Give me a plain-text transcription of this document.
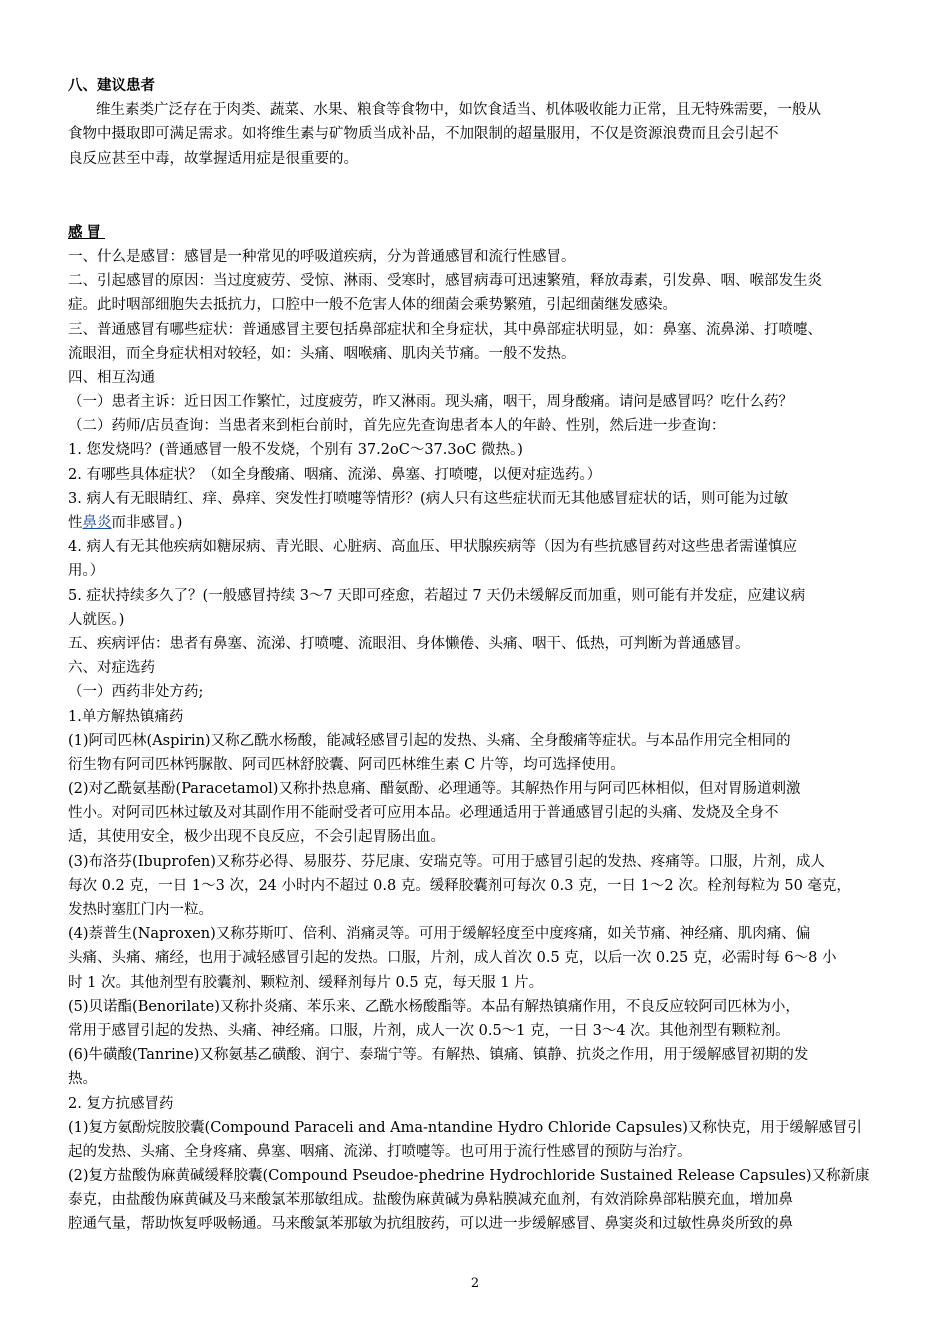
八、建议患者
维生素类广泛存在于肉类、蔬菜、水果、粮食等食物中，如饮食适当、机体吸收能力正常，且无特殊需要，一般从
食物中摄取即可满足需求。如将维生素与矿物质当成补品，不加限制的超量服用，不仅是资源浪费而且会引起不
良反应甚至中毒，故掌握适用症是很重要的。
感冒
一、什么是感冒：感冒是一种常见的呼吸道疾病，分为普通感冒和流行性感冒。
二、引起感冒的原因：当过度疲劳、受惊、淋雨、受寒时，感冒病毒可迅速繁殖，释放毒素，引发鼻、咽、喉部发生炎
症。此时咽部细胞失去抵抗力，口腔中一般不危害人体的细菌会乘势繁殖，引起细菌继发感染。
三、普通感冒有哪些症状：普通感冒主要包括鼻部症状和全身症状，其中鼻部症状明显，如：鼻塞、流鼻涕、打喷嚏、
流眼泪，而全身症状相对较轻，如：头痛、咽喉痛、肌肉关节痛。一般不发热。
四、相互沟通
（一）患者主诉：近日因工作繁忙，过度疲劳，昨又淋雨。现头痛，咽干，周身酸痛。请问是感冒吗？吃什么药？
（二）药师/店员查询：当患者来到柜台前时，首先应先查询患者本人的年龄、性别，然后进一步查询：
1. 您发烧吗？(普通感冒一般不发烧，个别有 37.2oC～37.3oC 微热。)
2. 有哪些具体症状？（如全身酸痛、咽痛、流涕、鼻塞、打喷嚏，以便对症选药。）
3. 病人有无眼睛红、痒、鼻痒、突发性打喷嚏等情形？(病人只有这些症状而无其他感冒症状的话，则可能为过敏
性鼻炎而非感冒。)
4. 病人有无其他疾病如糖尿病、青光眼、心脏病、高血压、甲状腺疾病等（因为有些抗感冒药对这些患者需谨慎应
用。）
5. 症状持续多久了？(一般感冒持续 3～7 天即可痊愈，若超过 7 天仍未缓解反而加重，则可能有并发症，应建议病
人就医。)
五、疾病评估：患者有鼻塞、流涕、打喷嚏、流眼泪、身体懒倦、头痛、咽干、低热，可判断为普通感冒。
六、对症选药
（一）西药非处方药;
1.单方解热镇痛药
(1)阿司匹林(Aspirin)又称乙酰水杨酸，能减轻感冒引起的发热、头痛、全身酸痛等症状。与本品作用完全相同的
衍生物有阿司匹林钙脲散、阿司匹林舒胶囊、阿司匹林维生素 C 片等，均可选择使用。
(2)对乙酰氨基酚(Paracetamol)又称扑热息痛、醋氨酚、必理通等。其解热作用与阿司匹林相似，但对胃肠道刺激
性小。对阿司匹林过敏及对其副作用不能耐受者可应用本品。必理通适用于普通感冒引起的头痛、发烧及全身不
适，其使用安全，极少出现不良反应，不会引起胃肠出血。
(3)布洛芬(Ibuprofen)又称芬必得、易服芬、芬尼康、安瑞克等。可用于感冒引起的发热、疼痛等。口服，片剂，成人
每次 0.2 克，一日 1～3 次，24 小时内不超过 0.8 克。缓释胶囊剂可每次 0.3 克，一日 1～2 次。栓剂每粒为 50 毫克，
发热时塞肛门内一粒。
(4)萘普生(Naproxen)又称芬斯叮、倍利、消痛灵等。可用于缓解轻度至中度疼痛，如关节痛、神经痛、肌肉痛、偏
头痛、头痛、痛经，也用于减轻感冒引起的发热。口服，片剂，成人首次 0.5 克，以后一次 0.25 克，必需时每 6～8 小
时 1 次。其他剂型有胶囊剂、颗粒剂、缓释剂每片 0.5 克，每天服 1 片。
(5)贝诺酯(Benorilate)又称扑炎痛、苯乐来、乙酰水杨酸酯等。本品有解热镇痛作用，不良反应较阿司匹林为小，
常用于感冒引起的发热、头痛、神经痛。口服，片剂，成人一次 0.5～1 克，一日 3～4 次。其他剂型有颗粒剂。
(6)牛磺酸(Tanrine)又称氨基乙磺酸、润宁、泰瑞宁等。有解热、镇痛、镇静、抗炎之作用，用于缓解感冒初期的发
热。
2. 复方抗感冒药
(1)复方氨酚烷胺胶囊(Compound Paraceli and Ama-ntandine Hydro Chloride Capsules)又称快克，用于缓解感冒引
起的发热、头痛、全身疼痛、鼻塞、咽痛、流涕、打喷嚏等。也可用于流行性感冒的预防与治疗。
(2)复方盐酸伪麻黄碱缓释胶囊(Compound Pseudoe-phedrine Hydrochloride Sustained Release Capsules)又称新康
泰克，由盐酸伪麻黄碱及马来酸氯苯那敏组成。盐酸伪麻黄碱为鼻粘膜减充血剂，有效消除鼻部粘膜充血，增加鼻
腔通气量，帮助恢复呼吸畅通。马来酸氯苯那敏为抗组胺药，可以进一步缓解感冒、鼻窦炎和过敏性鼻炎所致的鼻
2
